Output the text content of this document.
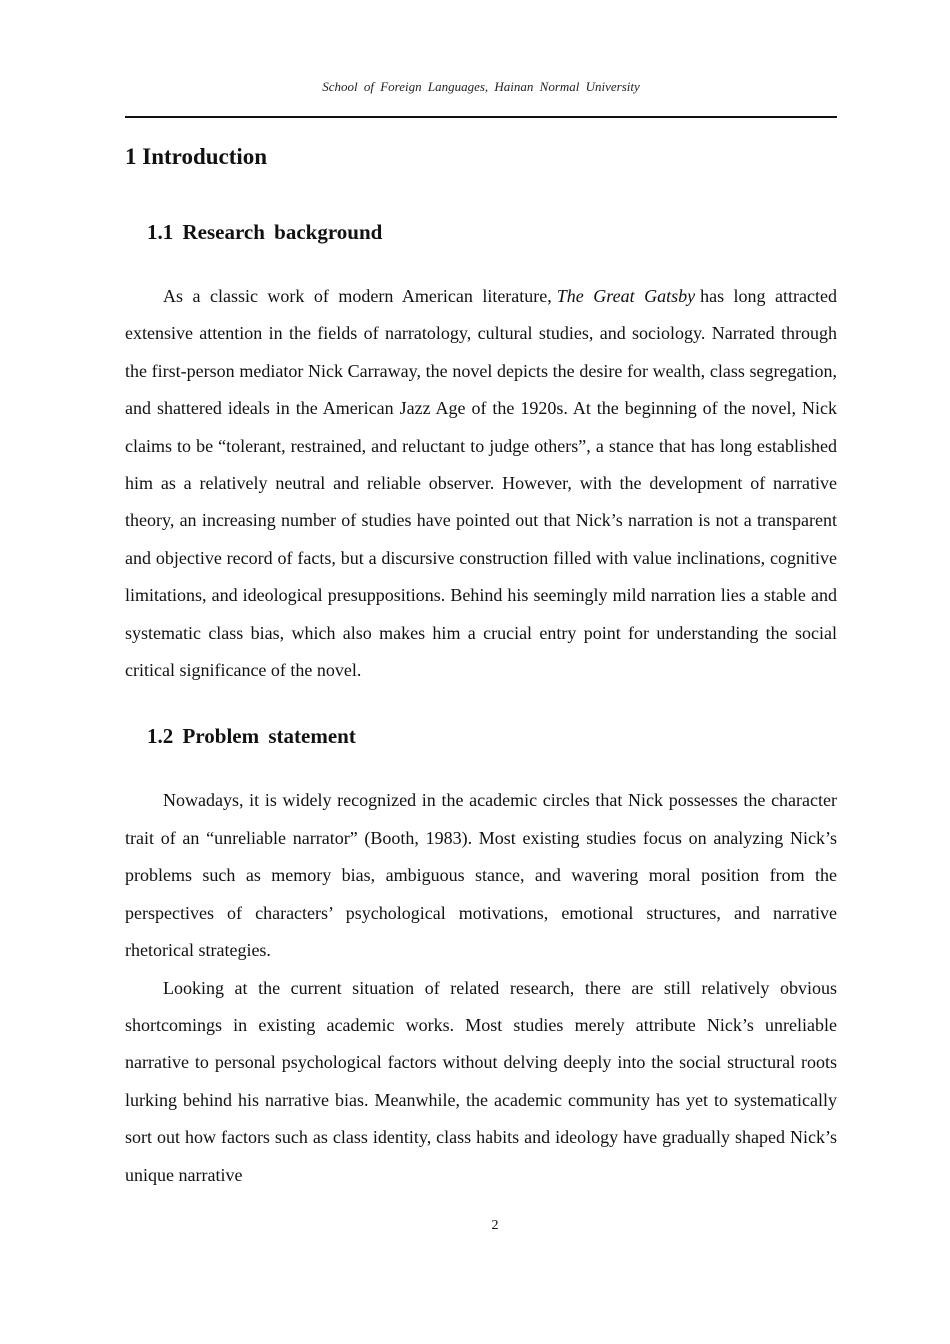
School of Foreign Languages, Hainan Normal University
1 Introduction
1.1 Research background

As a classic work of modern American literature, The Great Gatsby has long attracted extensive attention in the fields of narratology, cultural studies, and sociology. Narrated through the first-person mediator Nick Carraway, the novel depicts the desire for wealth, class segregation, and shattered ideals in the American Jazz Age of the 1920s. At the beginning of the novel, Nick claims to be “tolerant, restrained, and reluctant to judge others”, a stance that has long established him as a relatively neutral and reliable observer. However, with the development of narrative theory, an increasing number of studies have pointed out that Nick’s narration is not a transparent and objective record of facts, but a discursive construction filled with value inclinations, cognitive limitations, and ideological presuppositions. Behind his seemingly mild narration lies a stable and systematic class bias, which also makes him a crucial entry point for understanding the social critical significance of the novel.

1.2 Problem statement

Nowadays, it is widely recognized in the academic circles that Nick possesses the character trait of an “unreliable narrator” (Booth, 1983). Most existing studies focus on analyzing Nick’s problems such as memory bias, ambiguous stance, and wavering moral position from the perspectives of characters’ psychological motivations, emotional structures, and narrative rhetorical strategies.

Looking at the current situation of related research, there are still relatively obvious shortcomings in existing academic works. Most studies merely attribute Nick’s unreliable narrative to personal psychological factors without delving deeply into the social structural roots lurking behind his narrative bias. Meanwhile, the academic community has yet to systematically sort out how factors such as class identity, class habits and ideology have gradually shaped Nick’s unique narrative

2
